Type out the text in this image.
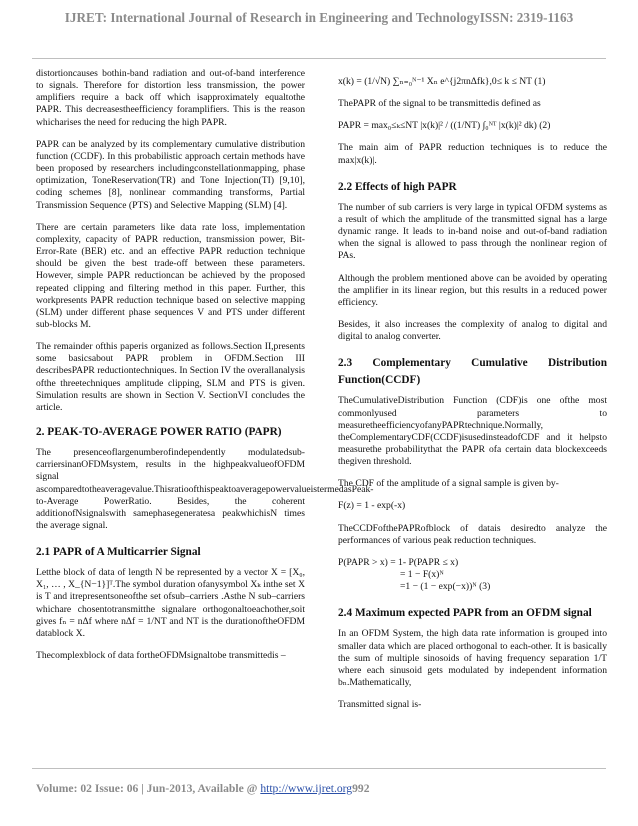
IJRET: International Journal of Research in Engineering and TechnologyISSN: 2319-1163

distortioncauses bothin-band radiation and out-of-band interference to signals. Therefore for distortion less transmission, the power amplifiers require a back off which isapproximately equaltothe PAPR. This decreasestheefficiency foramplifiers. This is the reason whicharises the need for reducing the high PAPR.

PAPR can be analyzed by its complementary cumulative distribution function (CCDF). In this probabilistic approach certain methods have been proposed by researchers includingconstellationmapping, phase optimization, ToneReservation(TR) and Tone Injection(TI) [9,10], coding schemes [8], nonlinear commanding transforms, Partial Transmission Sequence (PTS) and Selective Mapping (SLM) [4].

There are certain parameters like data rate loss, implementation complexity, capacity of PAPR reduction, transmission power, Bit-Error-Rate (BER) etc. and an effective PAPR reduction technique should be given the best trade-off between these parameters. However, simple PAPR reductioncan be achieved by the proposed repeated clipping and filtering method in this paper. Further, this workpresents PAPR reduction technique based on selective mapping (SLM) under different phase sequences V and PTS under different sub-blocks M.

The remainder ofthis paperis organized as follows.Section II,presents some basicsabout PAPR problem in OFDM.Section III describesPAPR reductiontechniques. In Section IV the overallanalysis ofthe threetechniques amplitude clipping, SLM and PTS is given. Simulation results are shown in Section V. SectionVI concludes the article.

2. PEAK-TO-AVERAGE POWER RATIO (PAPR)

The presenceoflargenumberofindependently modulatedsub-carriersinanOFDMsystem, results in the highpeakvalueofOFDM signal ascomparedtotheaveragevalue.ThisratioofthispeaktoaveragepowervalueistermedasPeak-to-Average PowerRatio. Besides, the coherent additionofNsignalswith samephasegeneratesa peakwhichisN times the average signal.

2.1 PAPR of A Multicarrier Signal

Letthe block of data of length N be represented by a vector X = [X₀, X₁, … , X_{N−1}]ᵀ.The symbol duration ofanysymbol Xₖ inthe set X is T and itrepresentsoneofthe set ofsub–carriers .Asthe N sub–carriers whichare chosentotransmitthe signalare orthogonaltoeachother,soit gives fₙ = nΔf where nΔf = 1/NT and NT is the durationoftheOFDM datablock X.

Thecomplexblock of data fortheOFDMsignaltobe transmittedis –

x(k) = (1/√N) ∑ₙ₌₀ᴺ⁻¹ Xₙ e^{j2πnΔfk},0≤ k ≤ NT (1)

ThePAPR of the signal to be transmittedis defined as

PAPR = max₀≤ₖ≤NT |x(k)|² / ((1/NT) ∫₀ᴺᵀ |x(k)|² dk) (2)

The main aim of PAPR reduction techniques is to reduce the max|x(k)|.

2.2 Effects of high PAPR

The number of sub carriers is very large in typical OFDM systems as a result of which the amplitude of the transmitted signal has a large dynamic range. It leads to in-band noise and out-of-band radiation when the signal is allowed to pass through the nonlinear region of PAs.

Although the problem mentioned above can be avoided by operating the amplifier in its linear region, but this results in a reduced power efficiency.

Besides, it also increases the complexity of analog to digital and digital to analog converter.

2.3 Complementary Cumulative Distribution
Function(CCDF)

TheCumulativeDistribution Function (CDF)is one ofthe most commonlyused parameters to measuretheefficiencyofanyPAPRtechnique.Normally, theComplementaryCDF(CCDF)isusedinsteadofCDF and it helpsto measurethe probabilitythat the PAPR ofa certain data blockexceeds thegiven threshold.

The CDF of the amplitude of a signal sample is given by-

F(z) = 1 - exp(-x)

TheCCDFofthePAPRofblock of datais desiredto analyze the performances of various peak reduction techniques.

P(PAPR > x) = 1- P(PAPR ≤ x)

= 1 − F(x)ᴺ

=1 − (1 − exp(−x))ᴺ (3)

2.4 Maximum expected PAPR from an OFDM signal

In an OFDM System, the high data rate information is grouped into smaller data which are placed orthogonal to each-other. It is basically the sum of multiple sinosoids of having frequency separation 1/T where each sinusoid gets modulated by independent information bₙ.Mathematically,

Transmitted signal is-

Volume: 02 Issue: 06 | Jun-2013, Available @ http://www.ijret.org992
